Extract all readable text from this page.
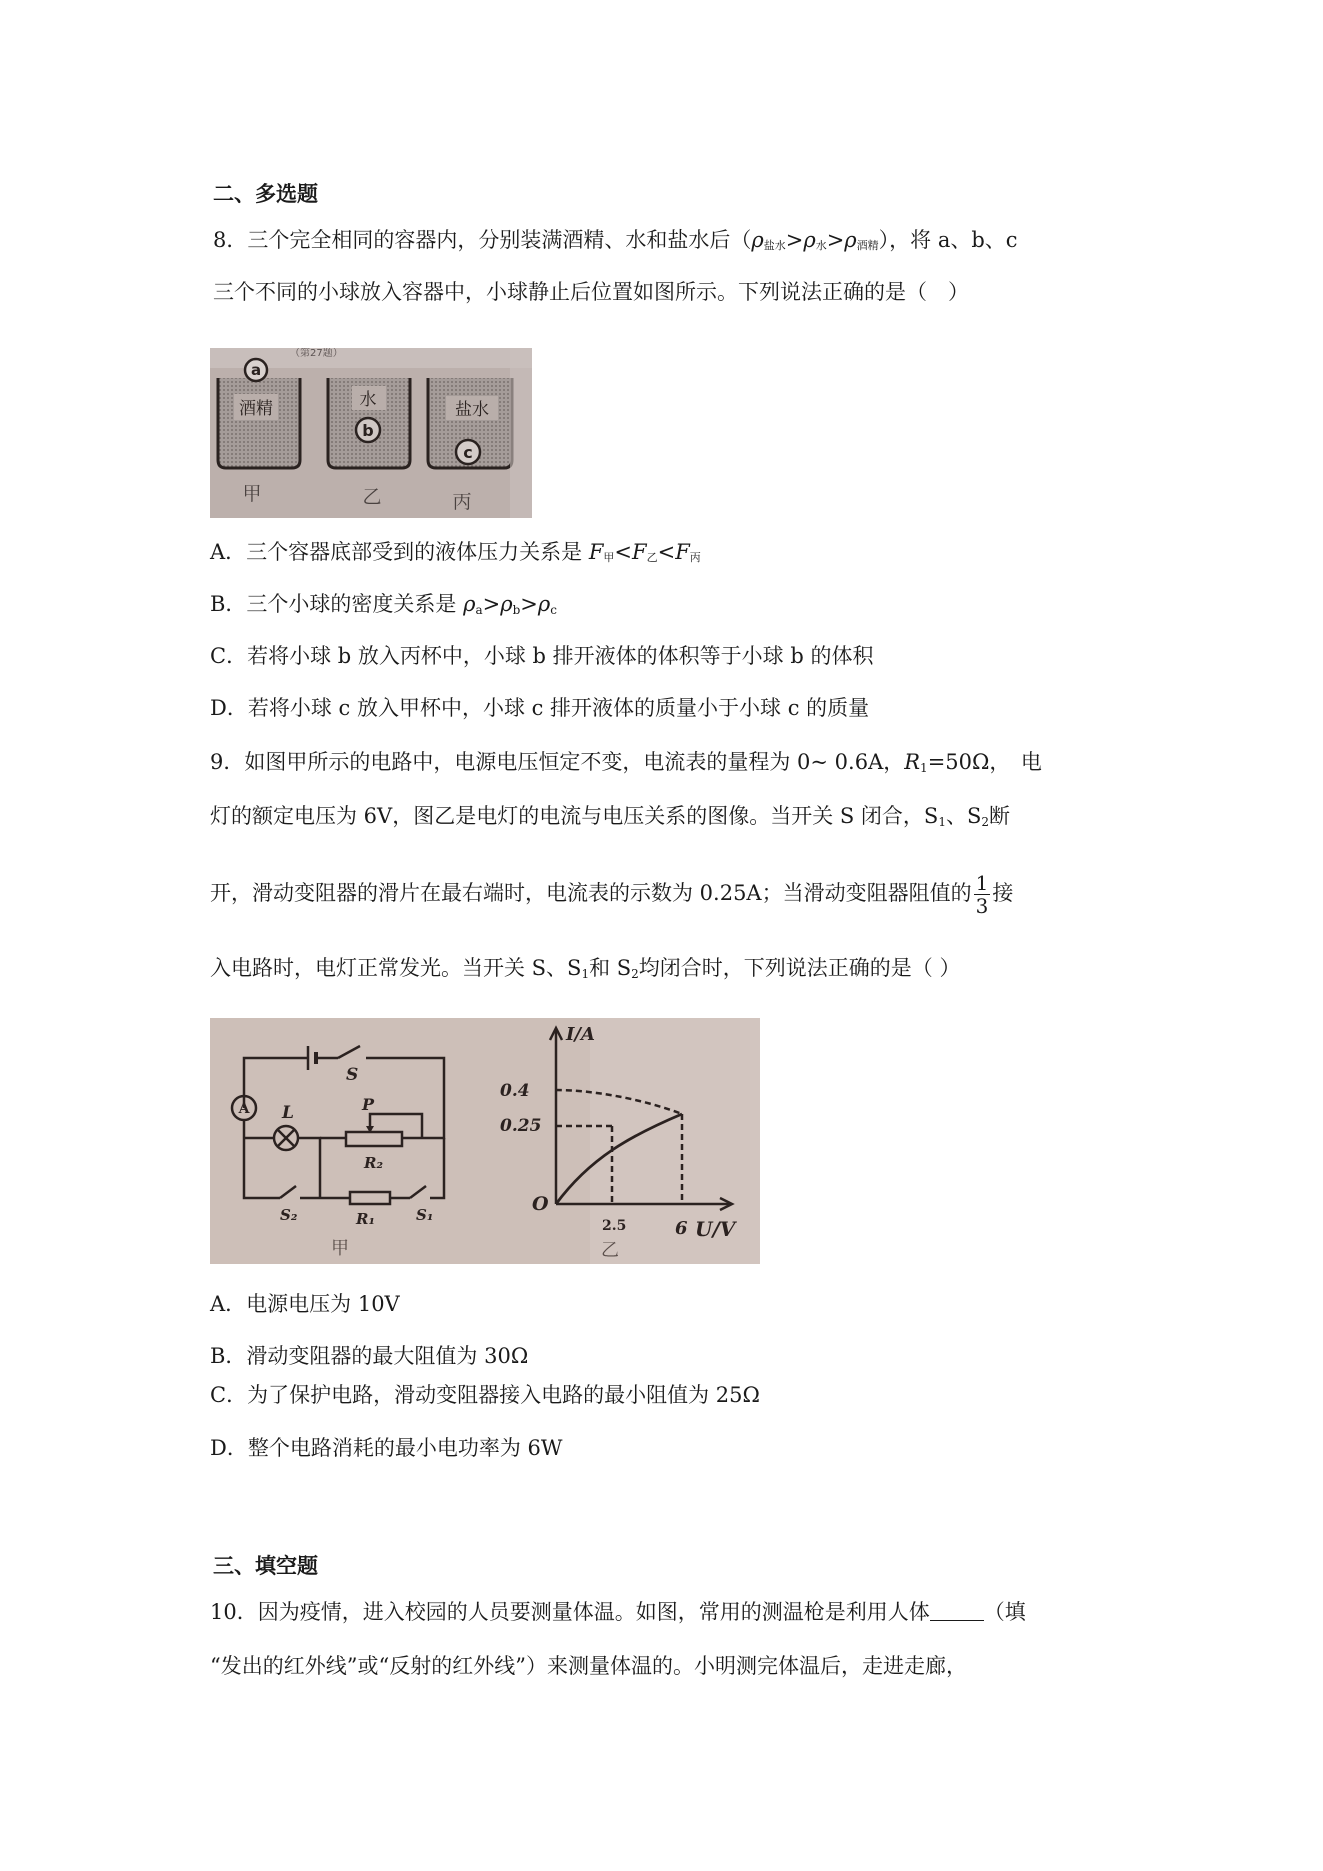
二、多选题
8．三个完全相同的容器内，分别装满酒精、水和盐水后（ρ盐水>ρ水>ρ酒精），将 a、b、c
三个不同的小球放入容器中，小球静止后位置如图所示。下列说法正确的是（　）
（第27题）
a
酒精
甲
水
b
乙
盐水
c
丙
A．三个容器底部受到的液体压力关系是 F甲<F乙<F丙
B．三个小球的密度关系是 ρa>ρb>ρc
C．若将小球 b 放入丙杯中，小球 b 排开液体的体积等于小球 b 的体积
D．若将小球 c 放入甲杯中，小球 c 排开液体的质量小于小球 c 的质量
9．如图甲所示的电路中，电源电压恒定不变，电流表的量程为 0~ 0.6A，R1=50Ω，　电
灯的额定电压为 6V，图乙是电灯的电流与电压关系的图像。当开关 S 闭合，S1、S2断
开，滑动变阻器的滑片在最右端时，电流表的示数为 0.25A；当滑动变阻器阻值的 $\frac{1}{3}$ 接
入电路时，电灯正常发光。当开关 S、S1和 S2均闭合时，下列说法正确的是（ ）
S
A L	P
R₂
R₁	S₁
S₂
甲
I/A
0.4
0.25
O
2.5	6 U/V
乙
A．电源电压为 10V
B．滑动变阻器的最大阻值为 30Ω
C．为了保护电路，滑动变阻器接入电路的最小阻值为 25Ω
D．整个电路消耗的最小电功率为 6W
三、填空题
10．因为疫情，进入校园的人员要测量体温。如图，常用的测温枪是利用人体	（填
“发出的红外线”或“反射的红外线”）来测量体温的。小明测完体温后，走进走廊，
